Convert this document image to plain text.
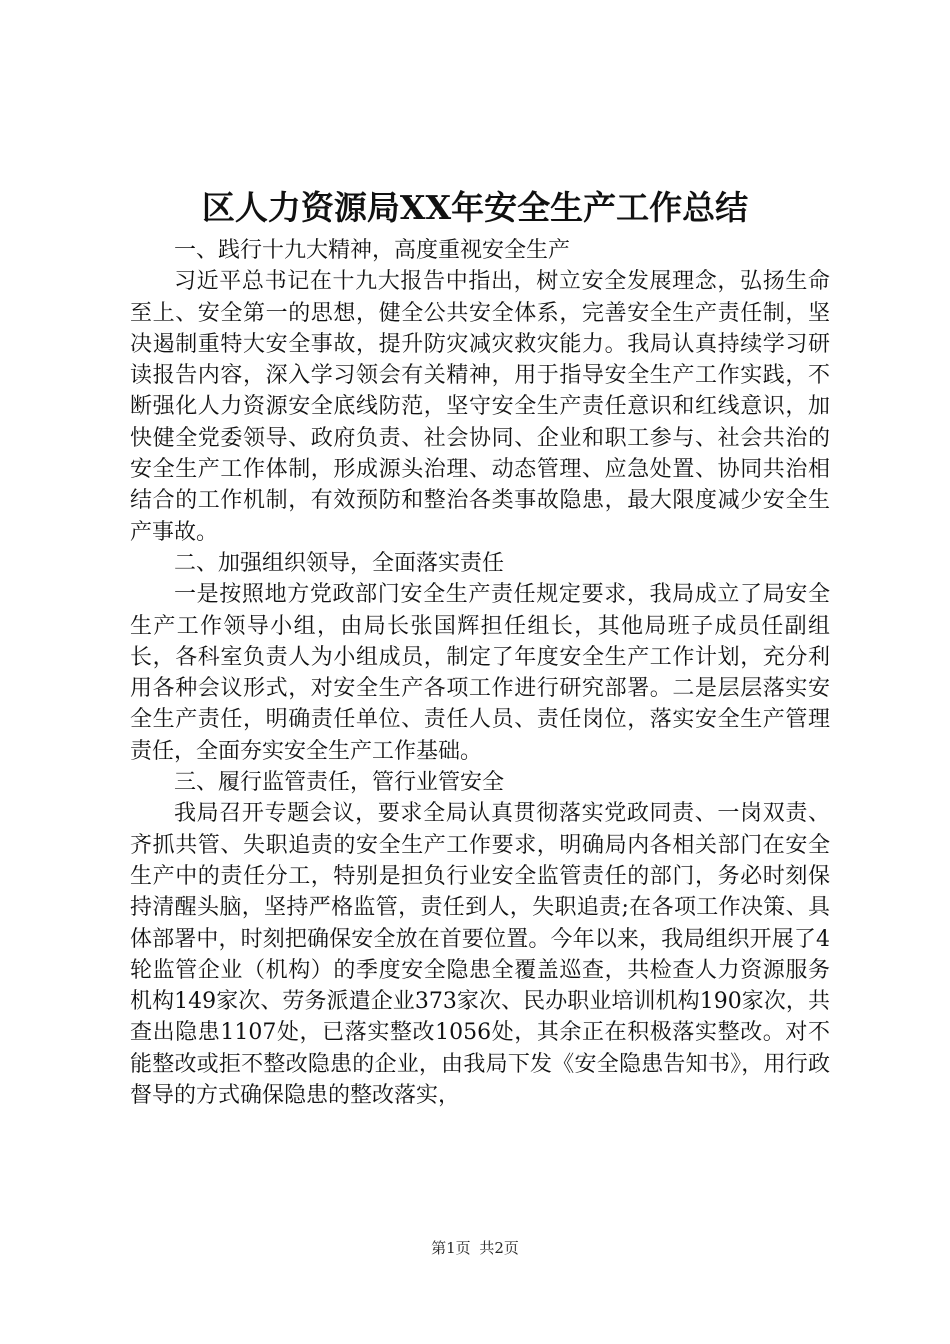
区人力资源局XX年安全生产工作总结

一、践行十九大精神，高度重视安全生产

习近平总书记在十九大报告中指出，树立安全发展理念，弘扬生命至上、安全第一的思想，健全公共安全体系，完善安全生产责任制，坚决遏制重特大安全事故，提升防灾减灾救灾能力。我局认真持续学习研读报告内容，深入学习领会有关精神，用于指导安全生产工作实践，不断强化人力资源安全底线防范，坚守安全生产责任意识和红线意识，加快健全党委领导、政府负责、社会协同、企业和职工参与、社会共治的安全生产工作体制，形成源头治理、动态管理、应急处置、协同共治相结合的工作机制，有效预防和整治各类事故隐患，最大限度减少安全生产事故。

二、加强组织领导，全面落实责任

一是按照地方党政部门安全生产责任规定要求，我局成立了局安全生产工作领导小组，由局长张国辉担任组长，其他局班子成员任副组长，各科室负责人为小组成员，制定了年度安全生产工作计划，充分利用各种会议形式，对安全生产各项工作进行研究部署。二是层层落实安全生产责任，明确责任单位、责任人员、责任岗位，落实安全生产管理责任，全面夯实安全生产工作基础。

三、履行监管责任，管行业管安全

我局召开专题会议，要求全局认真贯彻落实党政同责、一岗双责、齐抓共管、失职追责的安全生产工作要求，明确局内各相关部门在安全生产中的责任分工，特别是担负行业安全监管责任的部门，务必时刻保持清醒头脑，坚持严格监管，责任到人，失职追责;在各项工作决策、具体部署中，时刻把确保安全放在首要位置。今年以来，我局组织开展了4轮监管企业（机构）的季度安全隐患全覆盖巡查，共检查人力资源服务机构149家次、劳务派遣企业373家次、民办职业培训机构190家次，共查出隐患1107处，已落实整改1056处，其余正在积极落实整改。对不能整改或拒不整改隐患的企业，由我局下发《安全隐患告知书》，用行政督导的方式确保隐患的整改落实，

第1页 共2页
